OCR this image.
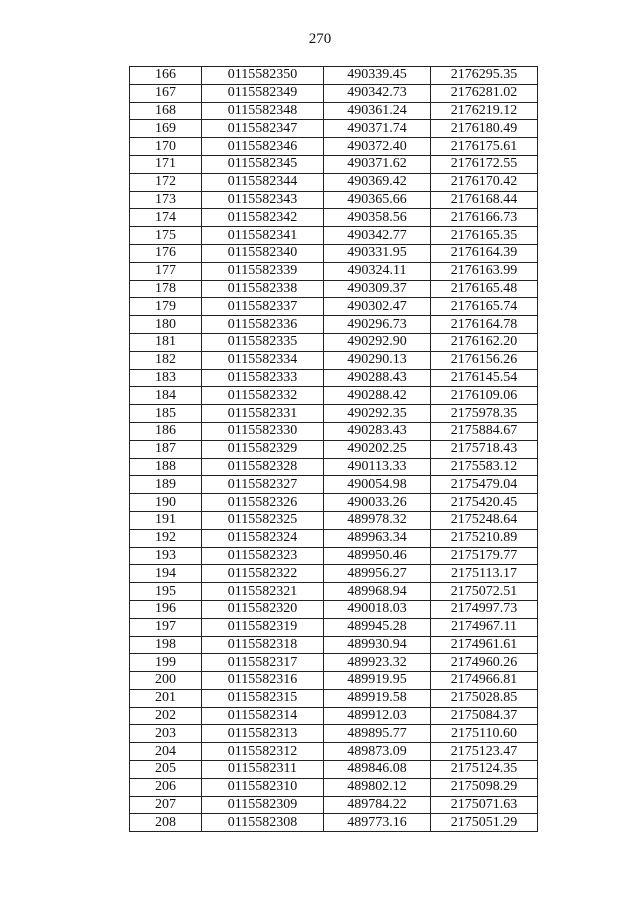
270
166	0115582350	490339.45	2176295.35
167	0115582349	490342.73	2176281.02
168	0115582348	490361.24	2176219.12
169	0115582347	490371.74	2176180.49
170	0115582346	490372.40	2176175.61
171	0115582345	490371.62	2176172.55
172	0115582344	490369.42	2176170.42
173	0115582343	490365.66	2176168.44
174	0115582342	490358.56	2176166.73
175	0115582341	490342.77	2176165.35
176	0115582340	490331.95	2176164.39
177	0115582339	490324.11	2176163.99
178	0115582338	490309.37	2176165.48
179	0115582337	490302.47	2176165.74
180	0115582336	490296.73	2176164.78
181	0115582335	490292.90	2176162.20
182	0115582334	490290.13	2176156.26
183	0115582333	490288.43	2176145.54
184	0115582332	490288.42	2176109.06
185	0115582331	490292.35	2175978.35
186	0115582330	490283.43	2175884.67
187	0115582329	490202.25	2175718.43
188	0115582328	490113.33	2175583.12
189	0115582327	490054.98	2175479.04
190	0115582326	490033.26	2175420.45
191	0115582325	489978.32	2175248.64
192	0115582324	489963.34	2175210.89
193	0115582323	489950.46	2175179.77
194	0115582322	489956.27	2175113.17
195	0115582321	489968.94	2175072.51
196	0115582320	490018.03	2174997.73
197	0115582319	489945.28	2174967.11
198	0115582318	489930.94	2174961.61
199	0115582317	489923.32	2174960.26
200	0115582316	489919.95	2174966.81
201	0115582315	489919.58	2175028.85
202	0115582314	489912.03	2175084.37
203	0115582313	489895.77	2175110.60
204	0115582312	489873.09	2175123.47
205	0115582311	489846.08	2175124.35
206	0115582310	489802.12	2175098.29
207	0115582309	489784.22	2175071.63
208	0115582308	489773.16	2175051.29
